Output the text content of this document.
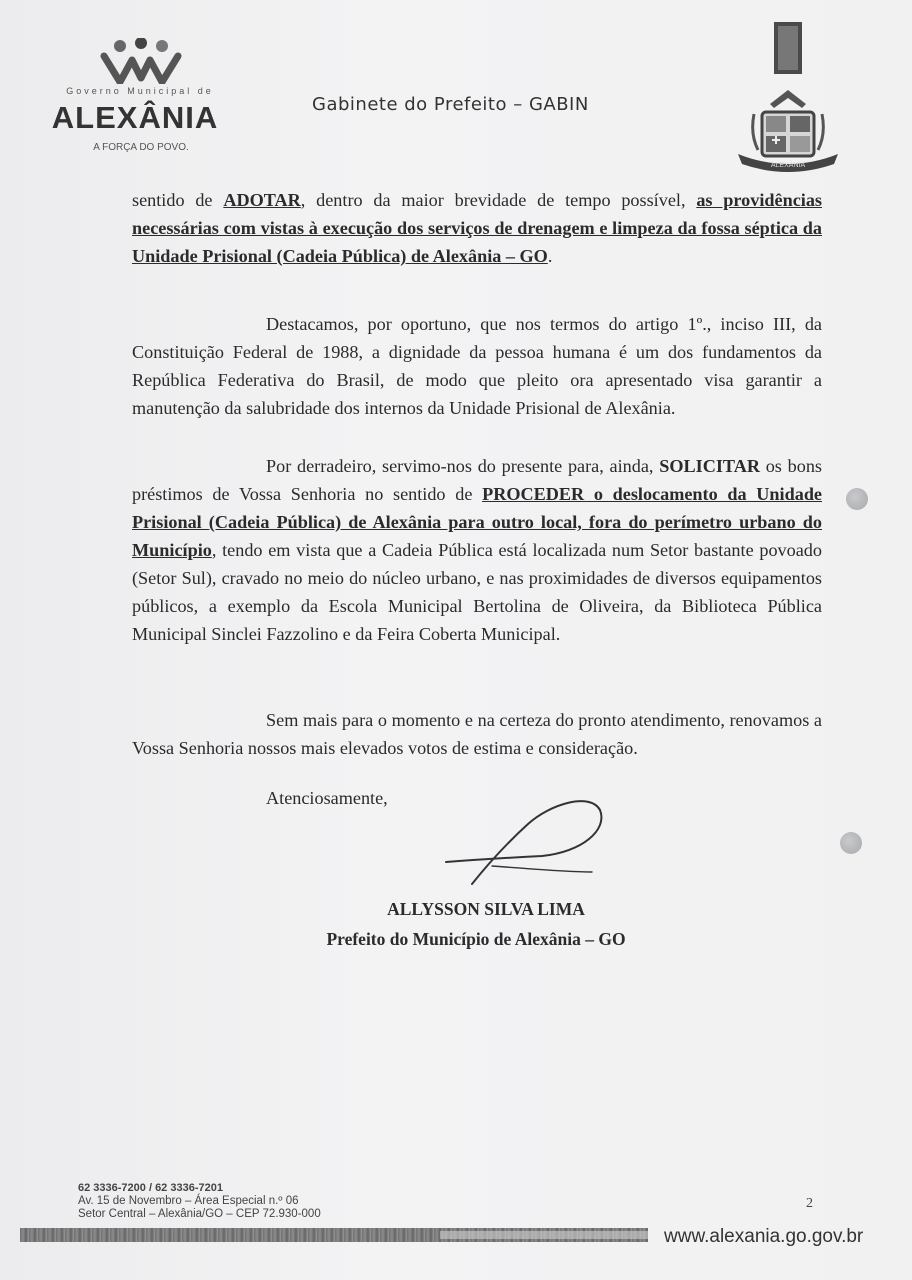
Governo Municipal de
ALEXÂNIA
A FORÇA DO POVO.
Gabinete do Prefeito – GABIN
ALEXÂNIA

sentido de ADOTAR, dentro da maior brevidade de tempo possível, as providências necessárias com vistas à execução dos serviços de drenagem e limpeza da fossa séptica da Unidade Prisional (Cadeia Pública) de Alexânia – GO.

Destacamos, por oportuno, que nos termos do artigo 1º., inciso III, da Constituição Federal de 1988, a dignidade da pessoa humana é um dos fundamentos da República Federativa do Brasil, de modo que pleito ora apresentado visa garantir a manutenção da salubridade dos internos da Unidade Prisional de Alexânia.

Por derradeiro, servimo-nos do presente para, ainda, SOLICITAR os bons préstimos de Vossa Senhoria no sentido de PROCEDER o deslocamento da Unidade Prisional (Cadeia Pública) de Alexânia para outro local, fora do perímetro urbano do Município, tendo em vista que a Cadeia Pública está localizada num Setor bastante povoado (Setor Sul), cravado no meio do núcleo urbano, e nas proximidades de diversos equipamentos públicos, a exemplo da Escola Municipal Bertolina de Oliveira, da Biblioteca Pública Municipal Sinclei Fazzolino e da Feira Coberta Municipal.

Sem mais para o momento e na certeza do pronto atendimento, renovamos a Vossa Senhoria nossos mais elevados votos de estima e consideração.

Atenciosamente,
ALLYSSON SILVA LIMA
Prefeito do Município de Alexânia – GO
62 3336-7200 / 62 3336-7201
Av. 15 de Novembro – Área Especial n.º 06
Setor Central – Alexânia/GO – CEP 72.930-000
2
www.alexania.go.gov.br
